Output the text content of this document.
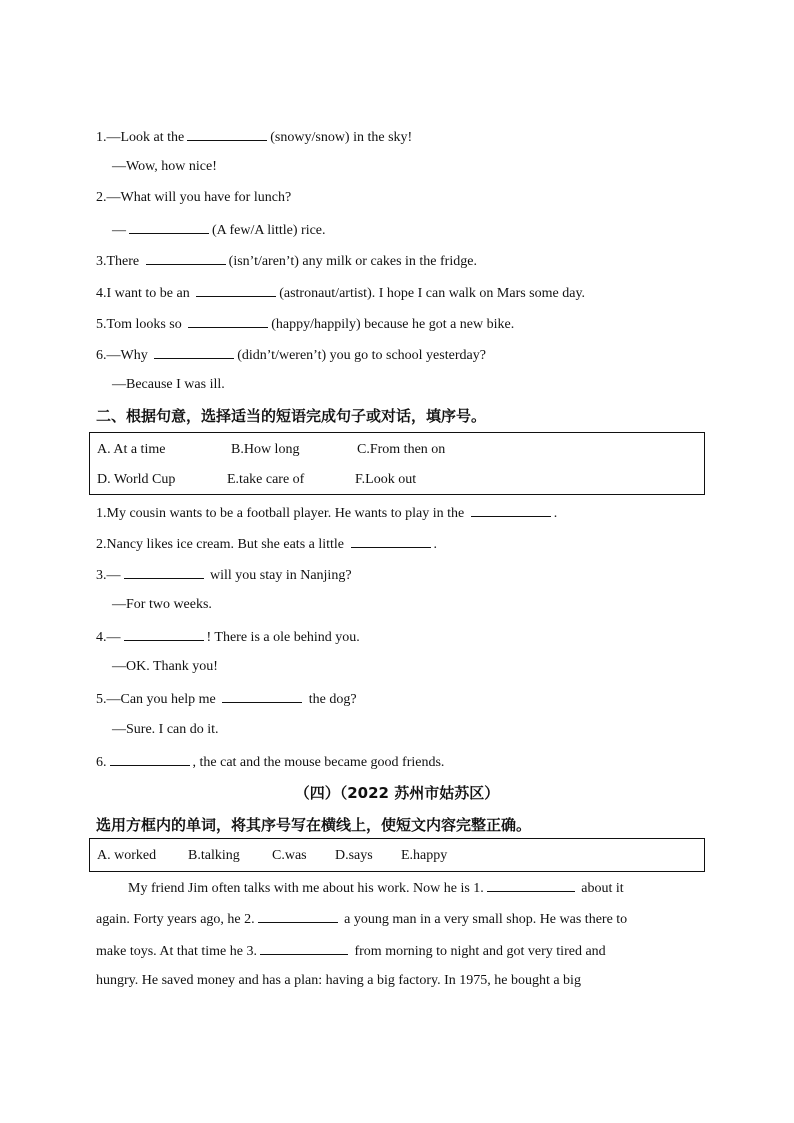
1.—Look at the	(snowy/snow) in the sky!
—Wow, how nice!
2.—What will you have for lunch?
—	(A few/A little) rice.
3.There	(isn’t/aren’t) any milk or cakes in the fridge.
4.I want to be an	(astronaut/artist). I hope I can walk on Mars some day.
5.Tom looks so	(happy/happily) because he got a new bike.
6.—Why	(didn’t/weren’t) you go to school yesterday?
—Because I was ill.
二、根据句意，选择适当的短语完成句子或对话，填序号。
A. At a time	B.How long	C.From then on
D. World Cup	E.take care of	F.Look out
1.My cousin wants to be a football player. He wants to play in the	.
2.Nancy likes ice cream. But she eats a little	.
3.—	will you stay in Nanjing?
—For two weeks.
4.—	! There is a ole behind you.
—OK. Thank you!
5.—Can you help me	the dog?
—Sure. I can do it.
6.	, the cat and the mouse became good friends.
（四）（2022 苏州市姑苏区）
选用方框内的单词，将其序号写在横线上，使短文内容完整正确。
A. worked B.talking C.was D.says E.happy
My friend Jim often talks with me about his work. Now he is 1.	about it
again. Forty years ago, he 2.	a young man in a very small shop. He was there to
make toys. At that time he 3.	from morning to night and got very tired and
hungry. He saved money and has a plan: having a big factory. In 1975, he bought a big
